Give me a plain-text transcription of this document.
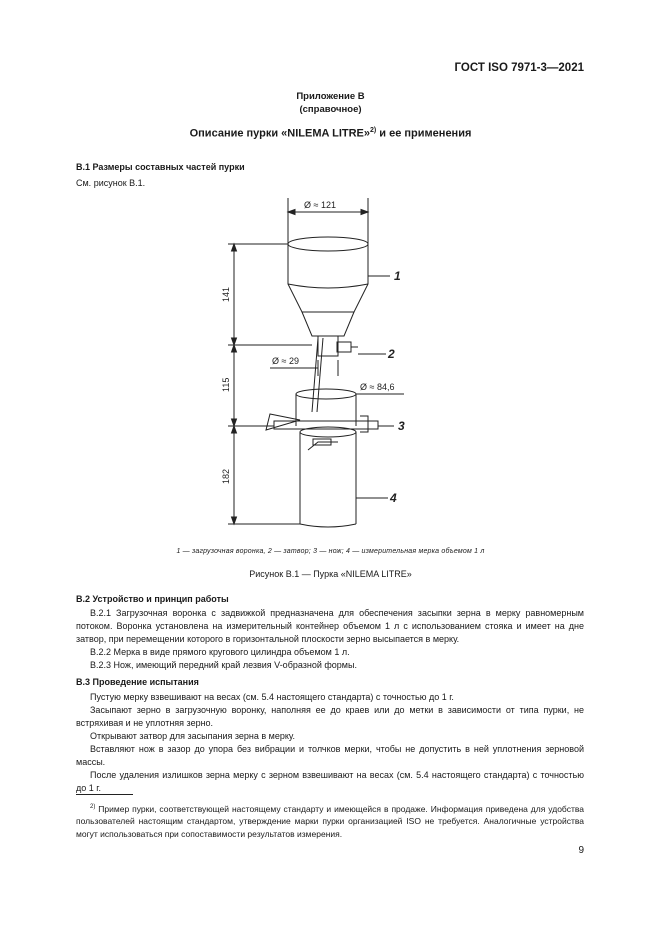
ГОСТ ISO 7971-3—2021
Приложение В
(справочное)
Описание пурки «NILEMA LITRE»$^{2)}$ и ее применения
В.1 Размеры составных частей пурки
См. рисунок В.1.
Ø ≈ 121
Ø ≈ 29
Ø ≈ 84,6
141
115
182
1
2
3
4
1 — загрузочная воронка, 2 — затвор; 3 — нож; 4 — измерительная мерка объемом 1 л
Рисунок В.1 — Пурка «NILEMA LITRE»
В.2 Устройство и принцип работы
В.2.1 Загрузочная воронка с задвижкой предназначена для обеспечения засыпки зерна в мерку равномерным потоком. Воронка установлена на измерительный контейнер объемом 1 л с использованием стояка и имеет на дне затвор, при перемещении которого в горизонтальной плоскости зерно высыпается в мерку.
В.2.2 Мерка в виде прямого кругового цилиндра объемом 1 л.
В.2.3 Нож, имеющий передний край лезвия V-образной формы.
В.3 Проведение испытания
Пустую мерку взвешивают на весах (см. 5.4 настоящего стандарта) с точностью до 1 г.
Засыпают зерно в загрузочную воронку, наполняя ее до краев или до метки в зависимости от типа пурки, не встряхивая и не уплотняя зерно.
Открывают затвор для засыпания зерна в мерку.
Вставляют нож в зазор до упора без вибрации и толчков мерки, чтобы не допустить в ней уплотнения зерновой массы.
После удаления излишков зерна мерку с зерном взвешивают на весах (см. 5.4 настоящего стандарта) с точностью до 1 г.
$^{2)}$ Пример пурки, соответствующей настоящему стандарту и имеющейся в продаже. Информация приведена для удобства пользователей настоящим стандартом, утверждение марки пурки организацией ISO не требуется. Аналогичные устройства могут использоваться при сопоставимости результатов измерения.
9
